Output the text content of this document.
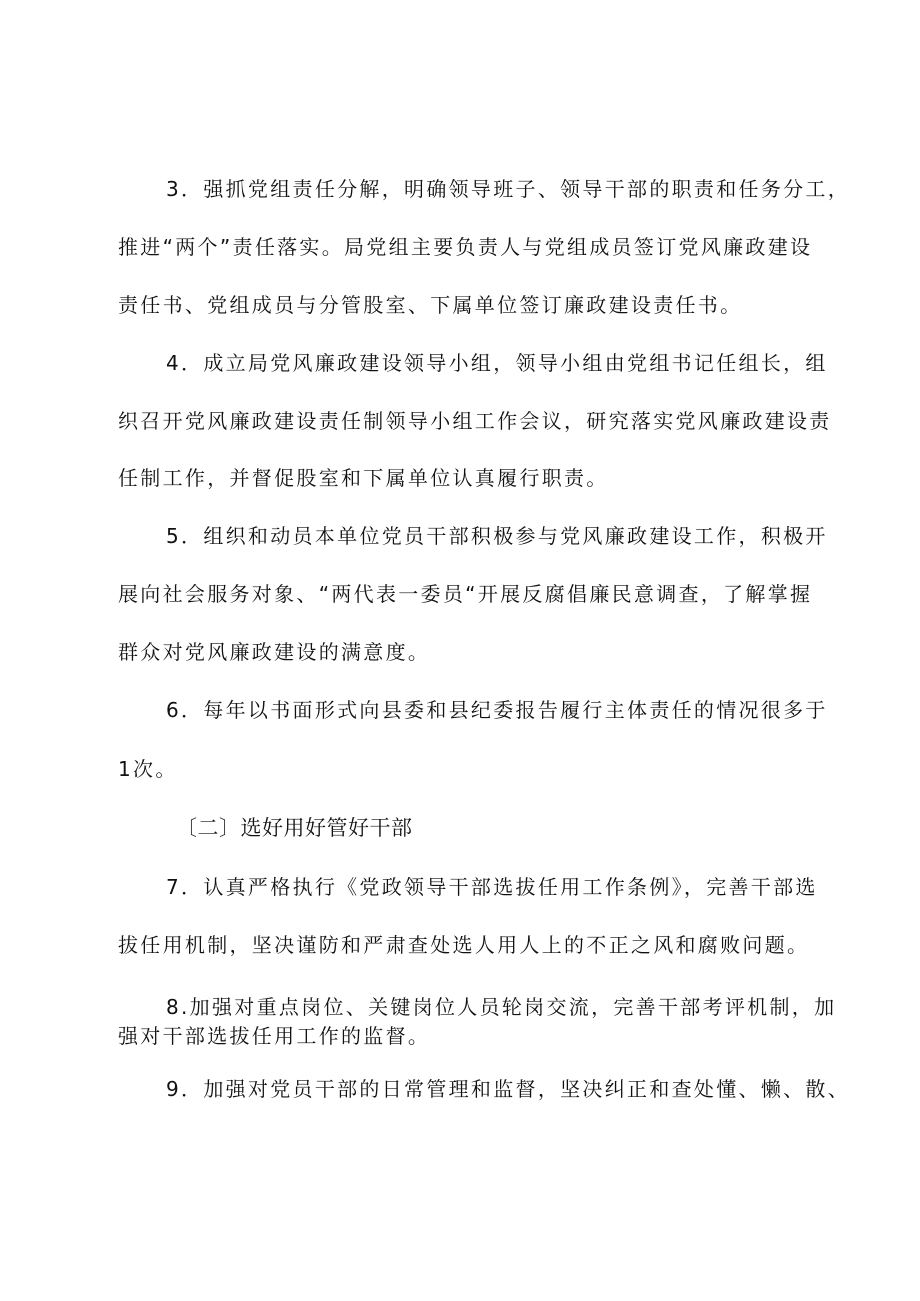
3．强抓党组责任分解，明确领导班子、领导干部的职责和任务分工，
推进“两个”责任落实。局党组主要负责人与党组成员签订党风廉政建设
责任书、党组成员与分管股室、下属单位签订廉政建设责任书。
4．成立局党风廉政建设领导小组，领导小组由党组书记任组长，组
织召开党风廉政建设责任制领导小组工作会议，研究落实党风廉政建设责
任制工作，并督促股室和下属单位认真履行职责。
5．组织和动员本单位党员干部积极参与党风廉政建设工作，积极开
展向社会服务对象、“两代表一委员“开展反腐倡廉民意调查，了解掌握
群众对党风廉政建设的满意度。
6．每年以书面形式向县委和县纪委报告履行主体责任的情况很多于
1次。
〔二〕选好用好管好干部
7．认真严格执行《党政领导干部选拔任用工作条例》，完善干部选
拔任用机制，坚决谨防和严肃查处选人用人上的不正之风和腐败问题。
8.加强对重点岗位、关键岗位人员轮岗交流，完善干部考评机制，加
强对干部选拔任用工作的监督。
9．加强对党员干部的日常管理和监督，坚决纠正和查处懂、懒、散、
